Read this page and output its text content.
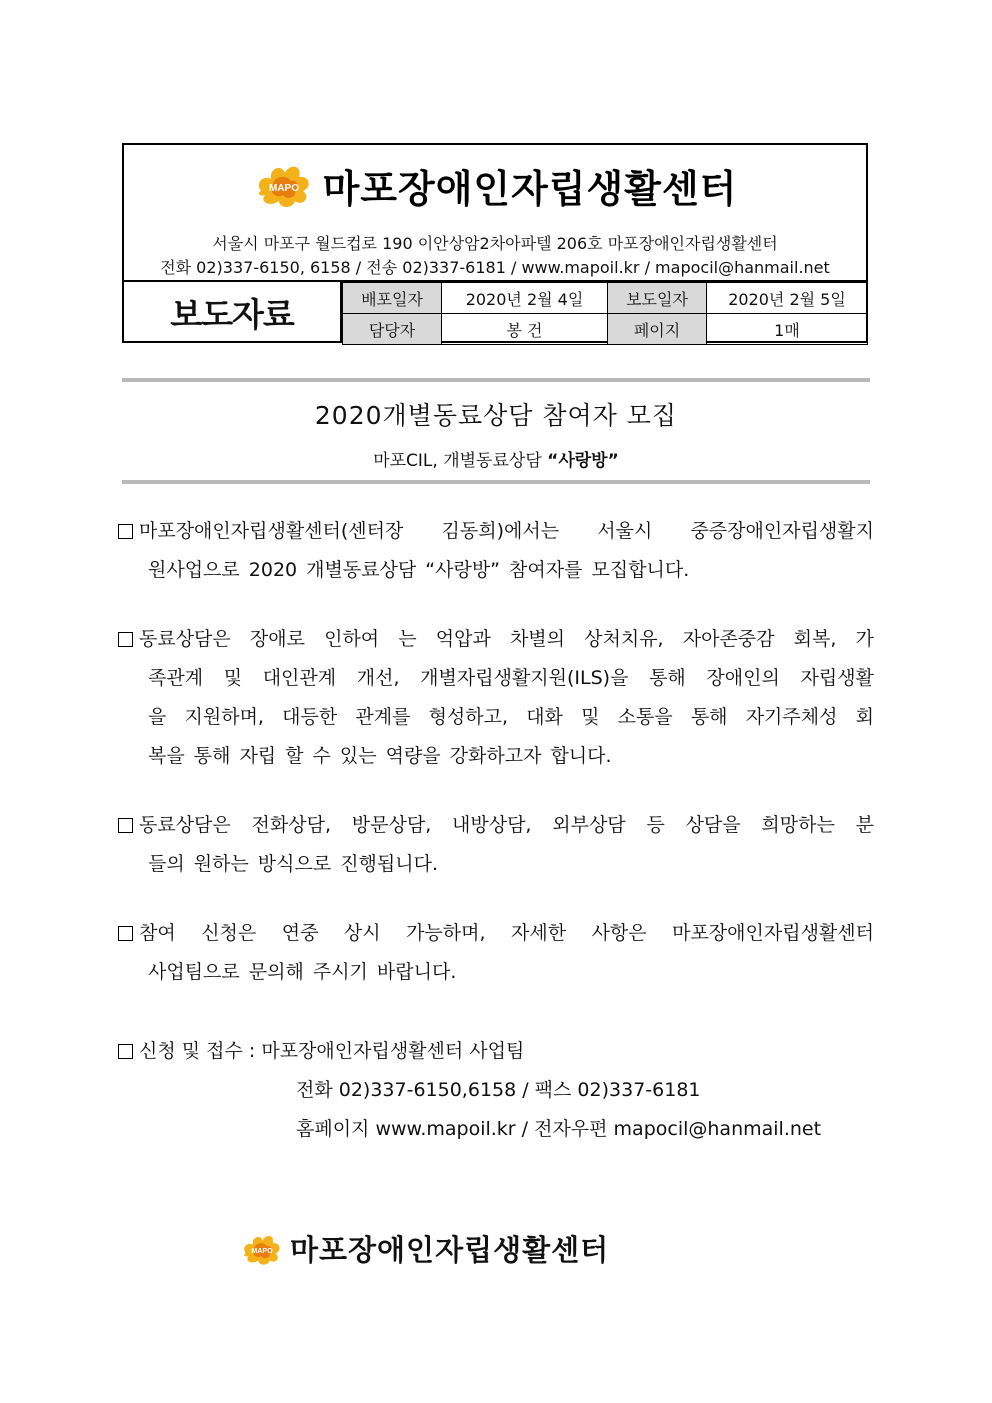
MAPO 마포장애인자립생활센터
서울시 마포구 월드컵로 190 이안상암2차아파텔 206호 마포장애인자립생활센터
전화 02)337-6150, 6158 / 전송 02)337-6181 / www.mapoil.kr / mapocil@hanmail.net
보도자료	배포일자	2020년 2월 4일	보도일자	2020년 2월 5일
담당자	봉 건	페이지	1매
2020개별동료상담 참여자 모집
마포CIL, 개별동료상담 “사랑방”
마포장애인자립생활센터(센터장 김동희)에서는 서울시 중증장애인자립생활지
원사업으로 2020 개별동료상담 “사랑방” 참여자를 모집합니다.
동료상담은 장애로 인하여 는 억압과 차별의 상처치유, 자아존중감 회복, 가
족관계 및 대인관계 개선, 개별자립생활지원(ILS)을 통해 장애인의 자립생활
을 지원하며, 대등한 관계를 형성하고, 대화 및 소통을 통해 자기주체성 회
복을 통해 자립 할 수 있는 역량을 강화하고자 합니다.
동료상담은 전화상담, 방문상담, 내방상담, 외부상담 등 상담을 희망하는 분
들의 원하는 방식으로 진행됩니다.
참여 신청은 연중 상시 가능하며, 자세한 사항은 마포장애인자립생활센터
사업팀으로 문의해 주시기 바랍니다.
신청 및 접수 : 마포장애인자립생활센터 사업팀
전화 02)337-6150,6158 / 팩스 02)337-6181
홈페이지 www.mapoil.kr / 전자우편 mapocil@hanmail.net
MAPO 마포장애인자립생활센터
